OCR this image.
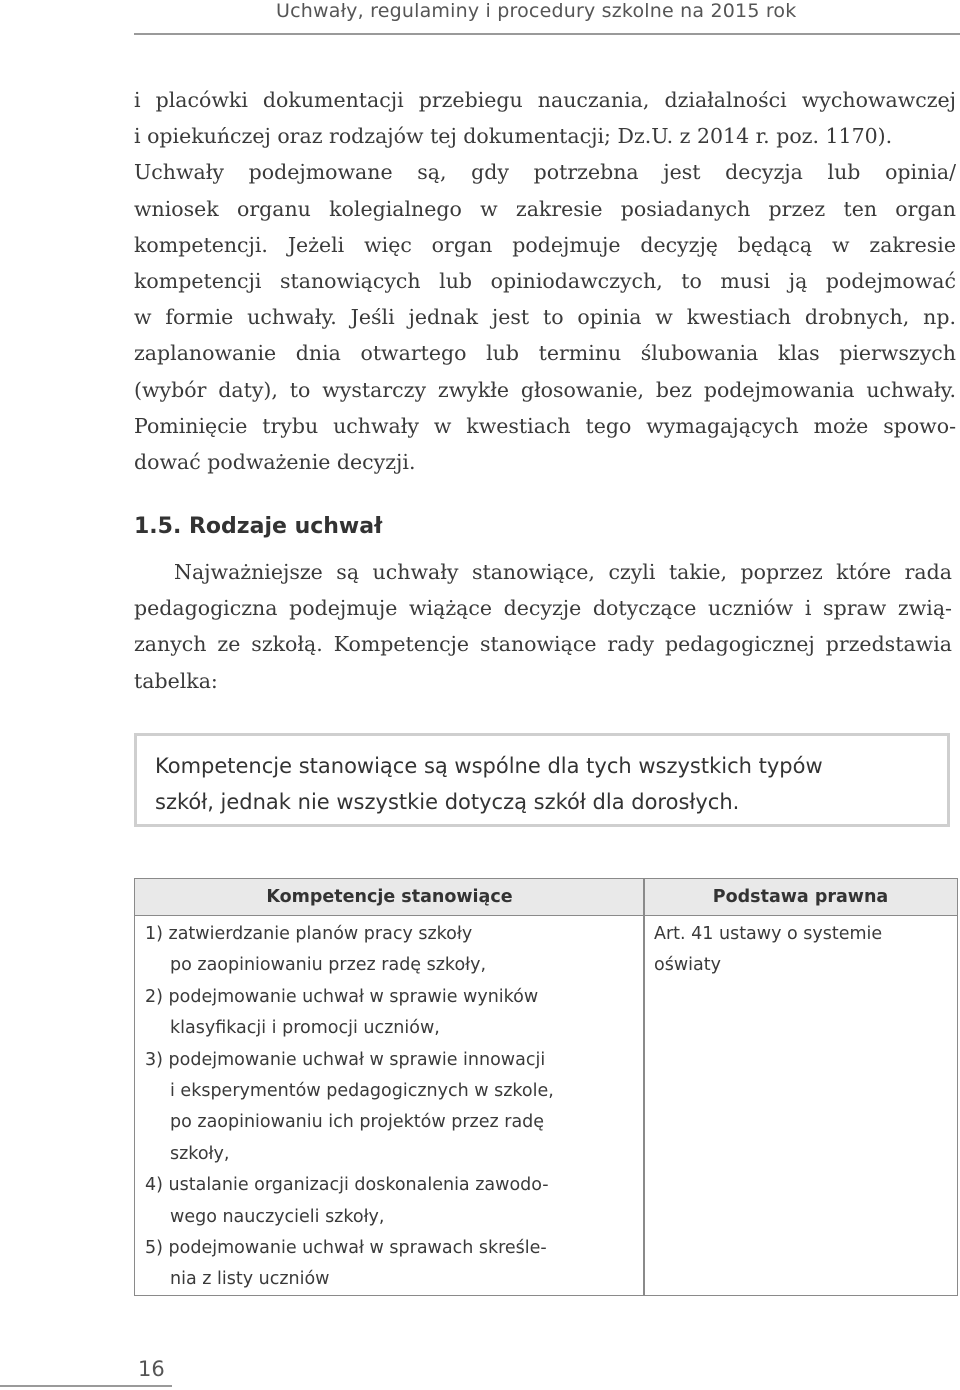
Uchwały, regulaminy i procedury szkolne na 2015 rok
i placówki dokumentacji przebiegu nauczania, działalności wychowawczej
i opiekuńczej oraz rodzajów tej dokumentacji; Dz.U. z 2014 r. poz. 1170).
Uchwały podejmowane są, gdy potrzebna jest decyzja lub opinia/
wniosek organu kolegialnego w zakresie posiadanych przez ten organ
kompetencji. Jeżeli więc organ podejmuje decyzję będącą w zakresie
kompetencji stanowiących lub opiniodawczych, to musi ją podejmować
w formie uchwały. Jeśli jednak jest to opinia w kwestiach drobnych, np.
zaplanowanie dnia otwartego lub terminu ślubowania klas pierwszych
(wybór daty), to wystarczy zwykłe głosowanie, bez podejmowania uchwały.
Pominięcie trybu uchwały w kwestiach tego wymagających może spowo-
dować podważenie decyzji.
1.5. Rodzaje uchwał
Najważniejsze są uchwały stanowiące, czyli takie, poprzez które rada
pedagogiczna podejmuje wiążące decyzje dotyczące uczniów i spraw zwią-
zanych ze szkołą. Kompetencje stanowiące rady pedagogicznej przedstawia
tabelka:
Kompetencje stanowiące są wspólne dla tych wszystkich typów
szkół, jednak nie wszystkie dotyczą szkół dla dorosłych.
Kompetencje stanowiące	Podstawa prawna
1) zatwierdzanie planów pracy szkoły
po zaopiniowaniu przez radę szkoły,
2) podejmowanie uchwał w sprawie wyników
klasyfikacji i promocji uczniów,
3) podejmowanie uchwał w sprawie innowacji
i eksperymentów pedagogicznych w szkole,
po zaopiniowaniu ich projektów przez radę
szkoły,
4) ustalanie organizacji doskonalenia zawodo-
wego nauczycieli szkoły,
5) podejmowanie uchwał w sprawach skreśle-
nia z listy uczniów
Art. 41 ustawy o systemie
oświaty
16
